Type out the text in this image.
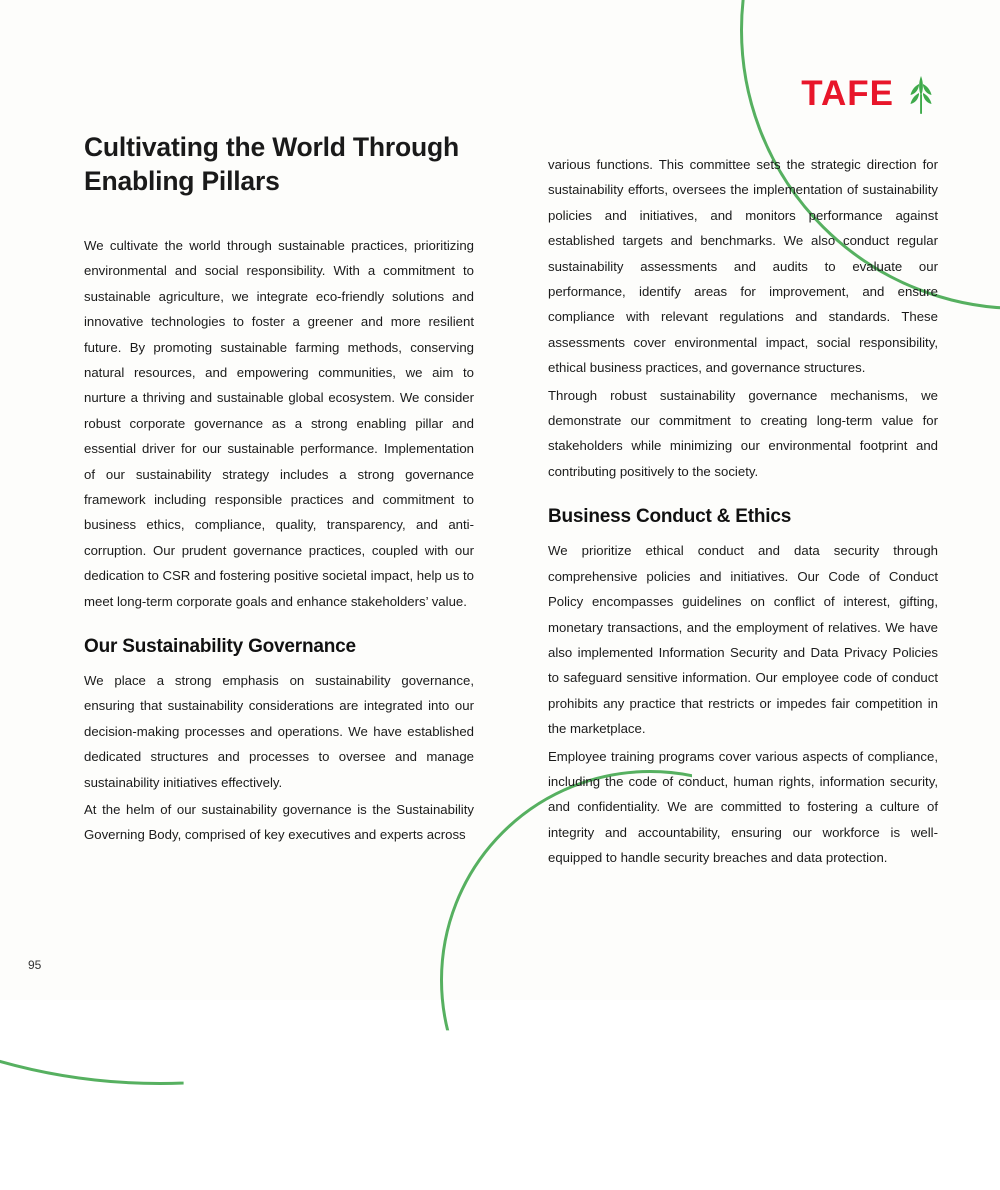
TAFE
Cultivating the World Through Enabling Pillars

We cultivate the world through sustainable practices, prioritizing environmental and social responsibility. With a commitment to sustainable agriculture, we integrate eco-friendly solutions and innovative technologies to foster a greener and more resilient future. By promoting sustainable farming methods, conserving natural resources, and empowering communities, we aim to nurture a thriving and sustainable global ecosystem. We consider robust corporate governance as a strong enabling pillar and essential driver for our sustainable performance. Implementation of our sustainability strategy includes a strong governance framework including responsible practices and commitment to business ethics, compliance, quality, transparency, and anti-corruption. Our prudent governance practices, coupled with our dedication to CSR and fostering positive societal impact, help us to meet long-term corporate goals and enhance stakeholders’ value.

Our Sustainability Governance

We place a strong emphasis on sustainability governance, ensuring that sustainability considerations are integrated into our decision-making processes and operations. We have established dedicated structures and processes to oversee and manage sustainability initiatives effectively.

At the helm of our sustainability governance is the Sustainability Governing Body, comprised of key executives and experts across

various functions. This committee sets the strategic direction for sustainability efforts, oversees the implementation of sustainability policies and initiatives, and monitors performance against established targets and benchmarks. We also conduct regular sustainability assessments and audits to evaluate our performance, identify areas for improvement, and ensure compliance with relevant regulations and standards. These assessments cover environmental impact, social responsibility, ethical business practices, and governance structures.

Through robust sustainability governance mechanisms, we demonstrate our commitment to creating long-term value for stakeholders while minimizing our environmental footprint and contributing positively to the society.

Business Conduct & Ethics

We prioritize ethical conduct and data security through comprehensive policies and initiatives. Our Code of Conduct Policy encompasses guidelines on conflict of interest, gifting, monetary transactions, and the employment of relatives. We have also implemented Information Security and Data Privacy Policies to safeguard sensitive information. Our employee code of conduct prohibits any practice that restricts or impedes fair competition in the marketplace.

Employee training programs cover various aspects of compliance, including the code of conduct, human rights, information security, and confidentiality. We are committed to fostering a culture of integrity and accountability, ensuring our workforce is well-equipped to handle security breaches and data protection.

95
